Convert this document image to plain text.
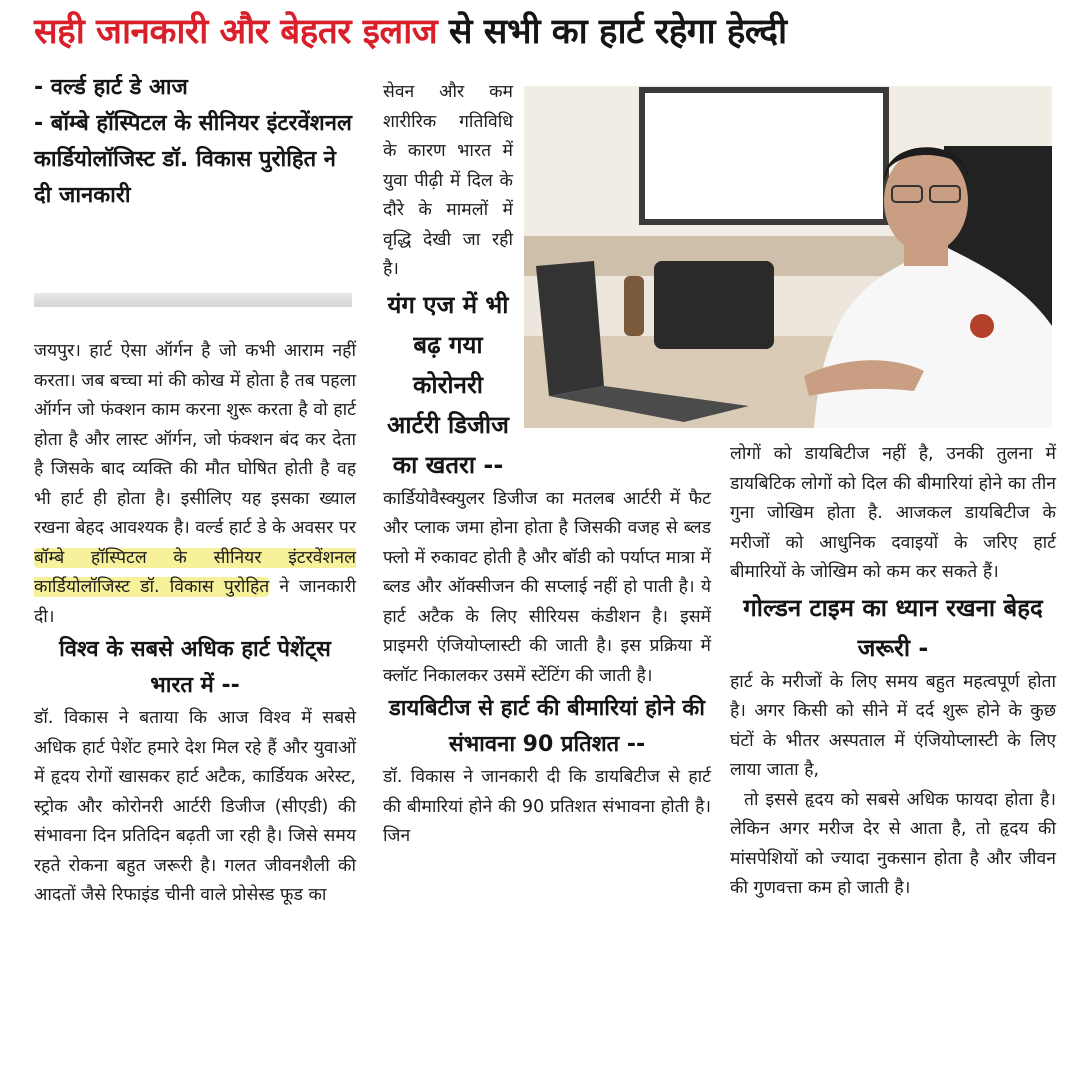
सही जानकारी और बेहतर इलाज से सभी का हार्ट रहेगा हेल्दी
- वर्ल्ड हार्ट डे आज
- बॉम्बे हॉस्पिटल के सीनियर इंटरवेंशनल कार्डियोलॉजिस्ट डॉ. विकास पुरोहित ने दी जानकारी

जयपुर। हार्ट ऐसा ऑर्गन है जो कभी आराम नहीं करता। जब बच्चा मां की कोख में होता है तब पहला ऑर्गन जो फंक्शन काम करना शुरू करता है वो हार्ट होता है और लास्ट ऑर्गन, जो फंक्शन बंद कर देता है जिसके बाद व्यक्ति की मौत घोषित होती है वह भी हार्ट ही होता है। इसीलिए यह इसका ख्याल रखना बेहद आवश्यक है। वर्ल्ड हार्ट डे के अवसर पर बॉम्बे हॉस्पिटल के सीनियर इंटरवेंशनल कार्डियोलॉजिस्ट डॉ. विकास पुरोहित ने जानकारी दी।

विश्व के सबसे अधिक हार्ट पेशेंट्स भारत में --

डॉ. विकास ने बताया कि आज विश्व में सबसे अधिक हार्ट पेशेंट हमारे देश मिल रहे हैं और युवाओं में हृदय रोगों खासकर हार्ट अटैक, कार्डियक अरेस्ट, स्ट्रोक और कोरोनरी आर्टरी डिजीज (सीएडी) की संभावना दिन प्रतिदिन बढ़ती जा रही है। जिसे समय रहते रोकना बहुत जरूरी है। गलत जीवनशैली की आदतों जैसे रिफाइंड चीनी वाले प्रोसेस्ड फूड का

सेवन और कम शारीरिक गतिविधि के कारण भारत में युवा पीढ़ी में दिल के दौरे के मामलों में वृद्धि देखी जा रही है।

यंग एज में भी बढ़ गया कोरोनरी आर्टरी डिजीज का खतरा --

कार्डियोवैस्क्युलर डिजीज का मतलब आर्टरी में फैट और प्लाक जमा होना होता है जिसकी वजह से ब्लड फ्लो में रुकावट होती है और बॉडी को पर्याप्त मात्रा में ब्लड और ऑक्सीजन की सप्लाई नहीं हो पाती है। ये हार्ट अटैक के लिए सीरियस कंडीशन है। इसमें प्राइमरी एंजियोप्लास्टी की जाती है। इस प्रक्रिया में क्लॉट निकालकर उसमें स्टेंटिंग की जाती है।

डायबिटीज से हार्ट की बीमारियां होने की संभावना 90 प्रतिशत --

डॉ. विकास ने जानकारी दी कि डायबिटीज से हार्ट की बीमारियां होने की 90 प्रतिशत संभावना होती है। जिन

लोगों को डायबिटीज नहीं है, उनकी तुलना में डायबिटिक लोगों को दिल की बीमारियां होने का तीन गुना जोखिम होता है. आजकल डायबिटीज के मरीजों को आधुनिक दवाइयों के जरिए हार्ट बीमारियों के जोखिम को कम कर सकते हैं।

गोल्डन टाइम का ध्यान रखना बेहद जरूरी -

हार्ट के मरीजों के लिए समय बहुत महत्वपूर्ण होता है। अगर किसी को सीने में दर्द शुरू होने के कुछ घंटों के भीतर अस्पताल में एंजियोप्लास्टी के लिए लाया जाता है,

तो इससे हृदय को सबसे अधिक फायदा होता है। लेकिन अगर मरीज देर से आता है, तो हृदय की मांसपेशियों को ज्यादा नुकसान होता है और जीवन की गुणवत्ता कम हो जाती है।
